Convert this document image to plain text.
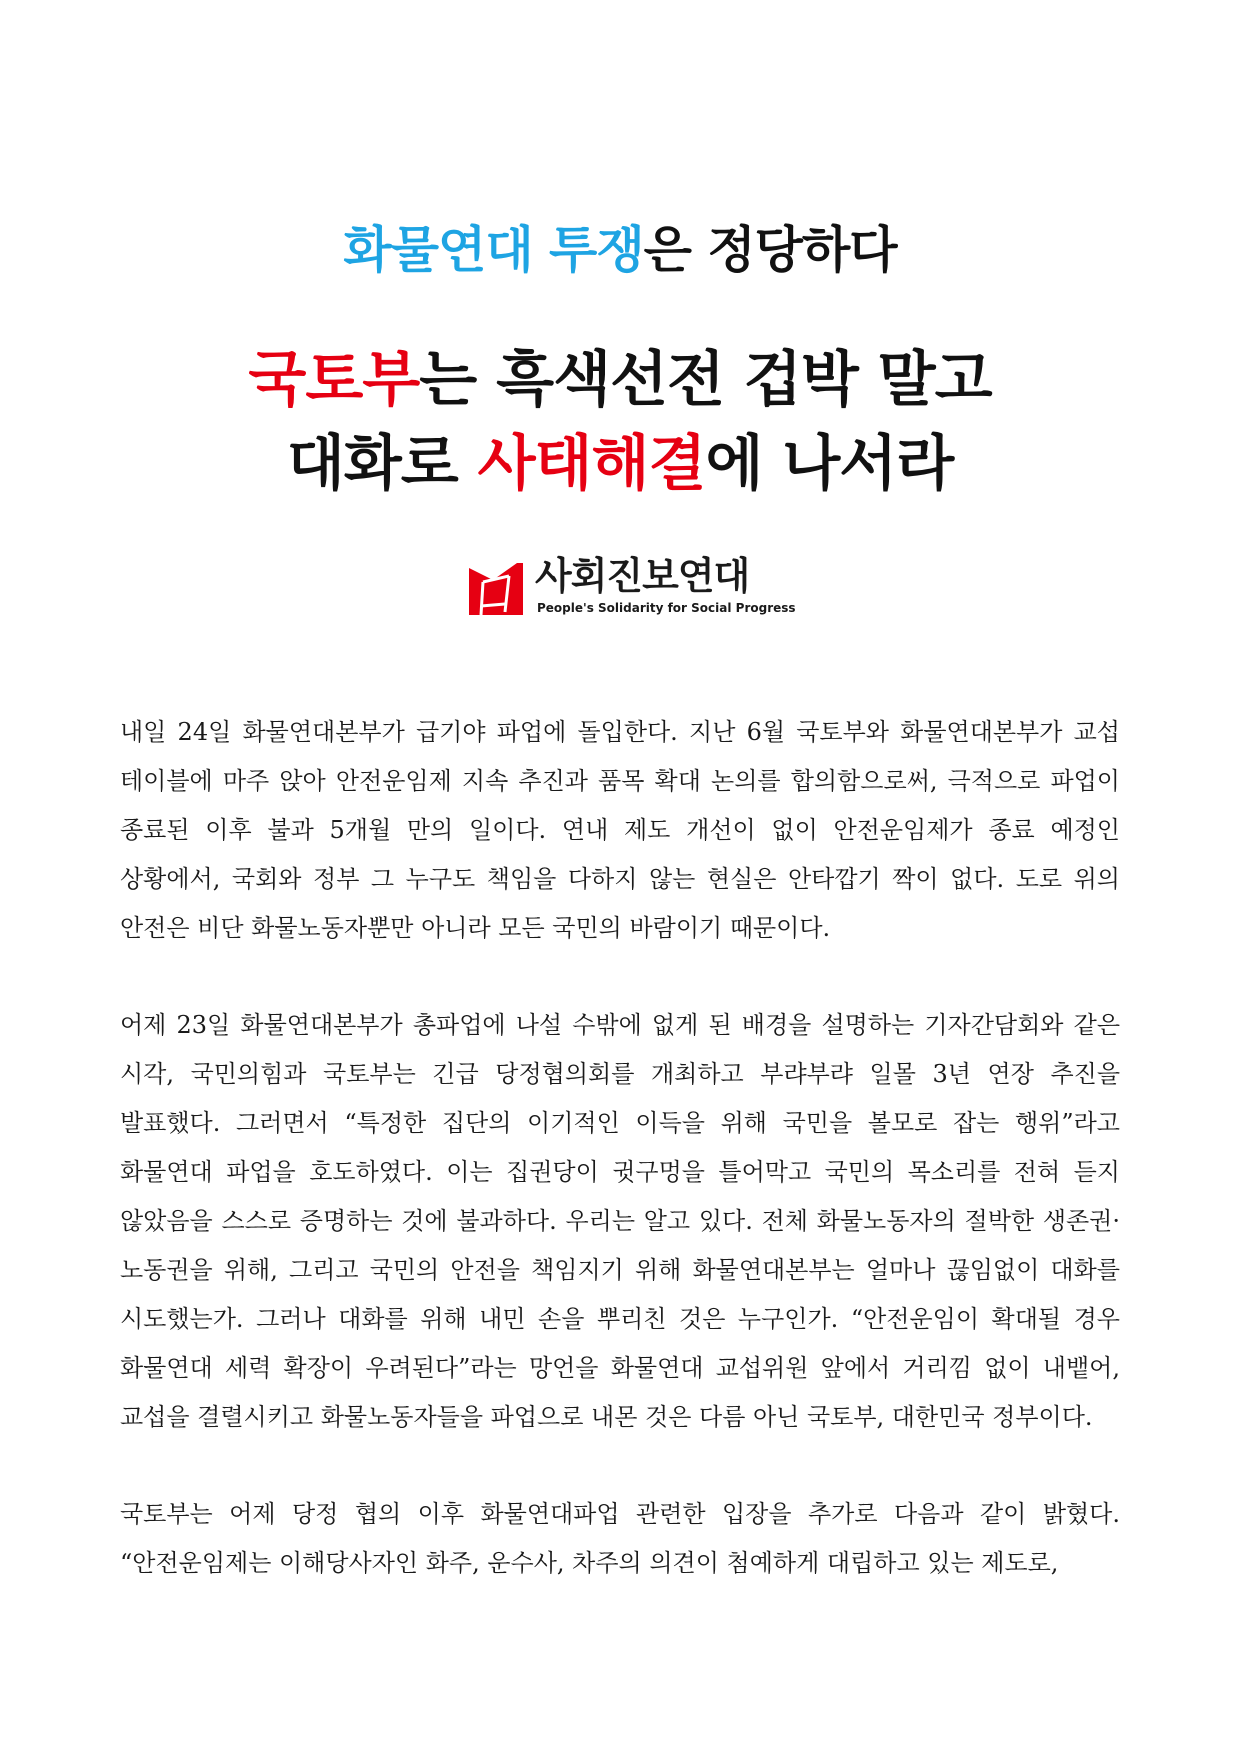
화물연대 투쟁은 정당하다
국토부는 흑색선전 겁박 말고
대화로 사태해결에 나서라
사회진보연대
People's Solidarity for Social Progress

내일 24일 화물연대본부가 급기야 파업에 돌입한다. 지난 6월 국토부와 화물연대본부가 교섭 테이블에 마주 앉아 안전운임제 지속 추진과 품목 확대 논의를 합의함으로써, 극적으로 파업이 종료된 이후 불과 5개월 만의 일이다. 연내 제도 개선이 없이 안전운임제가 종료 예정인 상황에서, 국회와 정부 그 누구도 책임을 다하지 않는 현실은 안타깝기 짝이 없다. 도로 위의 안전은 비단 화물노동자뿐만 아니라 모든 국민의 바람이기 때문이다.

어제 23일 화물연대본부가 총파업에 나설 수밖에 없게 된 배경을 설명하는 기자간담회와 같은 시각, 국민의힘과 국토부는 긴급 당정협의회를 개최하고 부랴부랴 일몰 3년 연장 추진을 발표했다. 그러면서 “특정한 집단의 이기적인 이득을 위해 국민을 볼모로 잡는 행위”라고 화물연대 파업을 호도하였다. 이는 집권당이 귓구멍을 틀어막고 국민의 목소리를 전혀 듣지 않았음을 스스로 증명하는 것에 불과하다. 우리는 알고 있다. 전체 화물노동자의 절박한 생존권·노동권을 위해, 그리고 국민의 안전을 책임지기 위해 화물연대본부는 얼마나 끊임없이 대화를 시도했는가. 그러나 대화를 위해 내민 손을 뿌리친 것은 누구인가. “안전운임이 확대될 경우 화물연대 세력 확장이 우려된다”라는 망언을 화물연대 교섭위원 앞에서 거리낌 없이 내뱉어, 교섭을 결렬시키고 화물노동자들을 파업으로 내몬 것은 다름 아닌 국토부, 대한민국 정부이다.

국토부는 어제 당정 협의 이후 화물연대파업 관련한 입장을 추가로 다음과 같이 밝혔다. “안전운임제는 이해당사자인 화주, 운수사, 차주의 의견이 첨예하게 대립하고 있는 제도로,
